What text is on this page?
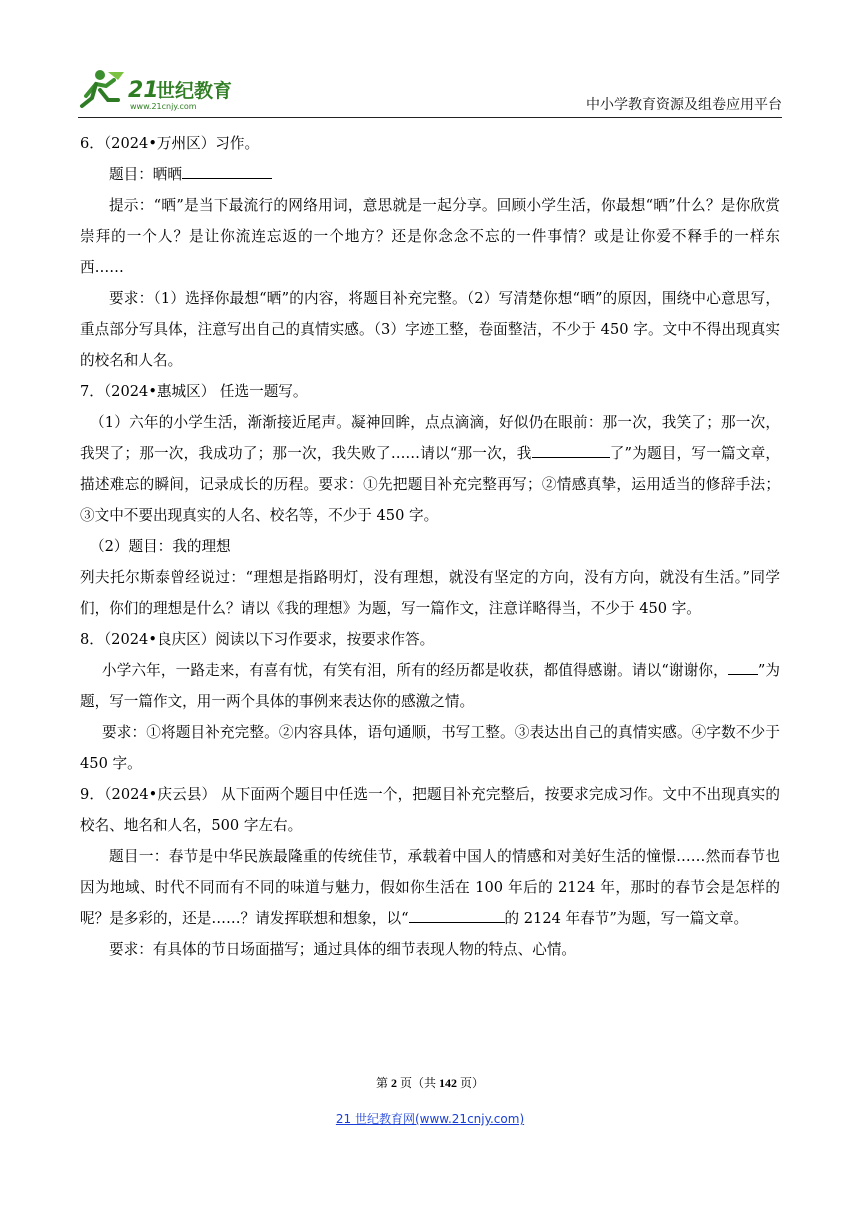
21
世纪教育
www.21cnjy.com	中小学教育资源及组卷应用平台

6．（2024•万州区）习作。

题目：晒晒

提示：“晒”是当下最流行的网络用词，意思就是一起分享。回顾小学生活，你最想“晒”什么？是你欣赏崇拜的一个人？是让你流连忘返的一个地方？还是你念念不忘的一件事情？或是让你爱不释手的一样东西……

要求：（1）选择你最想“晒”的内容，将题目补充完整。（2）写清楚你想“晒”的原因，围绕中心意思写，重点部分写具体，注意写出自己的真情实感。（3）字迹工整，卷面整洁，不少于 450 字。文中不得出现真实的校名和人名。

7．（2024•惠城区） 任选一题写。

（1）六年的小学生活，渐渐接近尾声。凝神回眸，点点滴滴，好似仍在眼前：那一次，我笑了；那一次，我哭了；那一次，我成功了；那一次，我失败了……请以“那一次，我	了”为题目，写一篇文章，描述难忘的瞬间，记录成长的历程。要求：①先把题目补充完整再写；②情感真挚，运用适当的修辞手法；③文中不要出现真实的人名、校名等，不少于 450 字。

（2）题目：我的理想

列夫托尔斯泰曾经说过：“理想是指路明灯，没有理想，就没有坚定的方向，没有方向，就没有生活。”同学们，你们的理想是什么？请以《我的理想》为题，写一篇作文，注意详略得当，不少于 450 字。

8．（2024•良庆区）阅读以下习作要求，按要求作答。

小学六年，一路走来，有喜有忧，有笑有泪，所有的经历都是收获，都值得感谢。请以“谢谢你， ”为题，写一篇作文，用一两个具体的事例来表达你的感激之情。

要求：①将题目补充完整。②内容具体，语句通顺，书写工整。③表达出自己的真情实感。④字数不少于 450 字。

9．（2024•庆云县） 从下面两个题目中任选一个，把题目补充完整后，按要求完成习作。文中不出现真实的校名、地名和人名，500 字左右。

题目一：春节是中华民族最隆重的传统佳节，承载着中国人的情感和对美好生活的憧憬……然而春节也因为地域、时代不同而有不同的味道与魅力，假如你生活在 100 年后的 2124 年，那时的春节会是怎样的呢？是多彩的，还是……？请发挥联想和想象，以“	的 2124 年春节”为题，写一篇文章。

要求：有具体的节日场面描写；通过具体的细节表现人物的特点、心情。

第 2 页（共 142 页）
21 世纪教育网(www.21cnjy.com)
